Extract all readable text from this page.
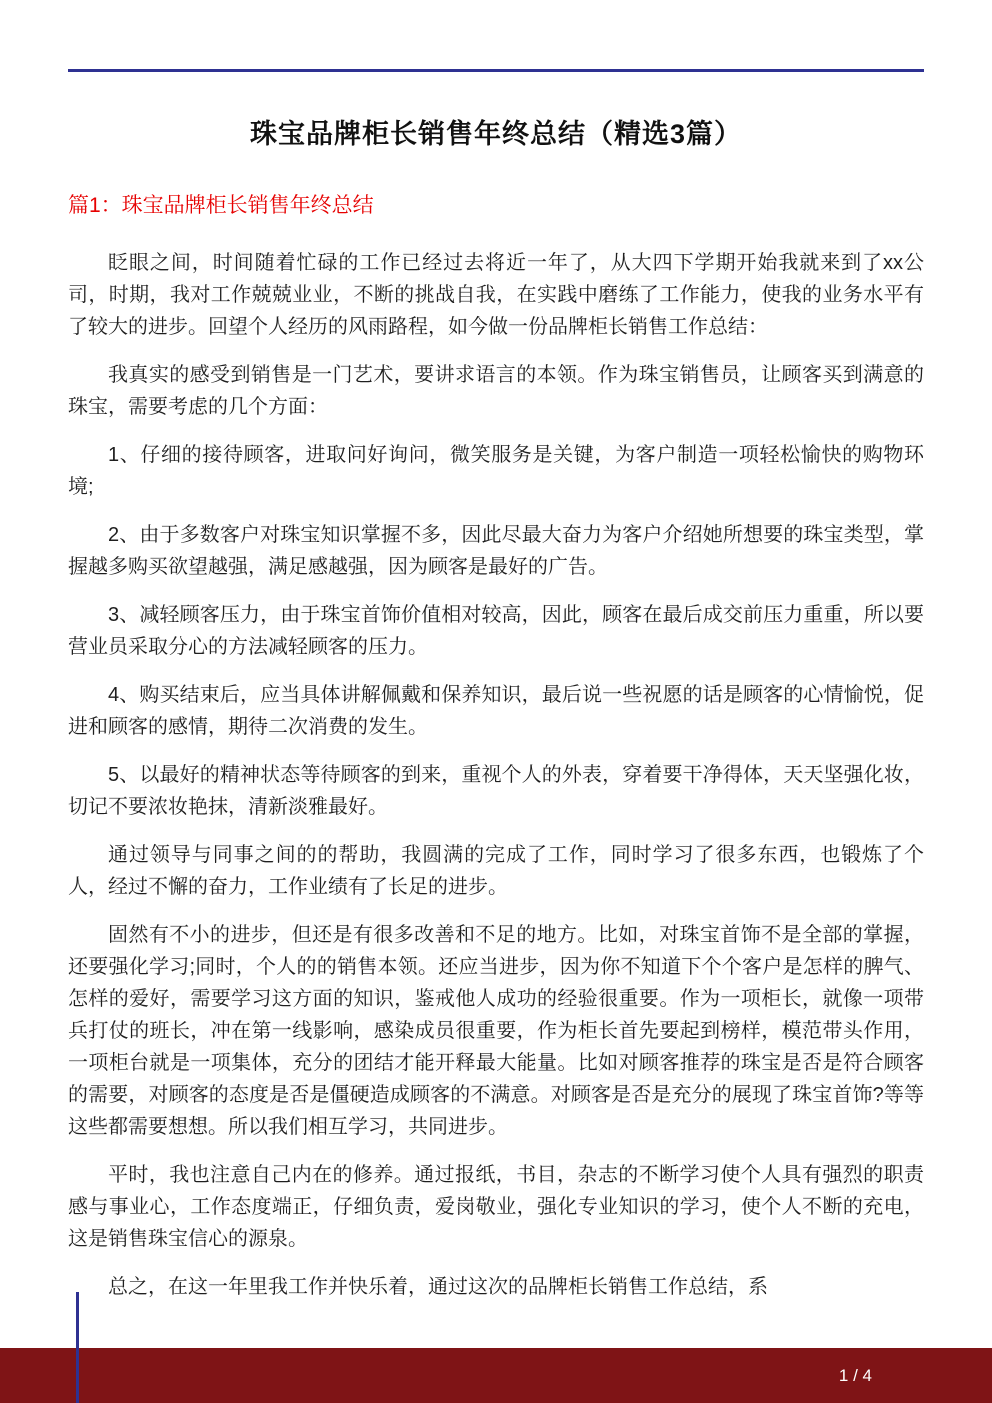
珠宝品牌柜长销售年终总结（精选3篇）
篇1：珠宝品牌柜长销售年终总结

眨眼之间，时间随着忙碌的工作已经过去将近一年了，从大四下学期开始我就来到了xx公司，时期，我对工作兢兢业业，不断的挑战自我，在实践中磨练了工作能力，使我的业务水平有了较大的进步。回望个人经历的风雨路程，如今做一份品牌柜长销售工作总结：

我真实的感受到销售是一门艺术，要讲求语言的本领。作为珠宝销售员，让顾客买到满意的珠宝，需要考虑的几个方面：

1、仔细的接待顾客，进取问好询问，微笑服务是关键，为客户制造一项轻松愉快的购物环境;

2、由于多数客户对珠宝知识掌握不多，因此尽最大奋力为客户介绍她所想要的珠宝类型，掌握越多购买欲望越强，满足感越强，因为顾客是最好的广告。

3、减轻顾客压力，由于珠宝首饰价值相对较高，因此，顾客在最后成交前压力重重，所以要营业员采取分心的方法减轻顾客的压力。

4、购买结束后，应当具体讲解佩戴和保养知识，最后说一些祝愿的话是顾客的心情愉悦，促进和顾客的感情，期待二次消费的发生。

5、以最好的精神状态等待顾客的到来，重视个人的外表，穿着要干净得体，天天坚强化妆，切记不要浓妆艳抹，清新淡雅最好。

通过领导与同事之间的的帮助，我圆满的完成了工作，同时学习了很多东西，也锻炼了个人，经过不懈的奋力，工作业绩有了长足的进步。

固然有不小的进步，但还是有很多改善和不足的地方。比如，对珠宝首饰不是全部的掌握，还要强化学习;同时，个人的的销售本领。还应当进步，因为你不知道下个个客户是怎样的脾气、怎样的爱好，需要学习这方面的知识，鉴戒他人成功的经验很重要。作为一项柜长，就像一项带兵打仗的班长，冲在第一线影响，感染成员很重要，作为柜长首先要起到榜样，模范带头作用，一项柜台就是一项集体，充分的团结才能开释最大能量。比如对顾客推荐的珠宝是否是符合顾客的需要，对顾客的态度是否是僵硬造成顾客的不满意。对顾客是否是充分的展现了珠宝首饰?等等这些都需要想想。所以我们相互学习，共同进步。

平时，我也注意自己内在的修养。通过报纸，书目，杂志的不断学习使个人具有强烈的职责感与事业心，工作态度端正，仔细负责，爱岗敬业，强化专业知识的学习，使个人不断的充电，这是销售珠宝信心的源泉。

总之，在这一年里我工作并快乐着，通过这次的品牌柜长销售工作总结，系

1 / 4
